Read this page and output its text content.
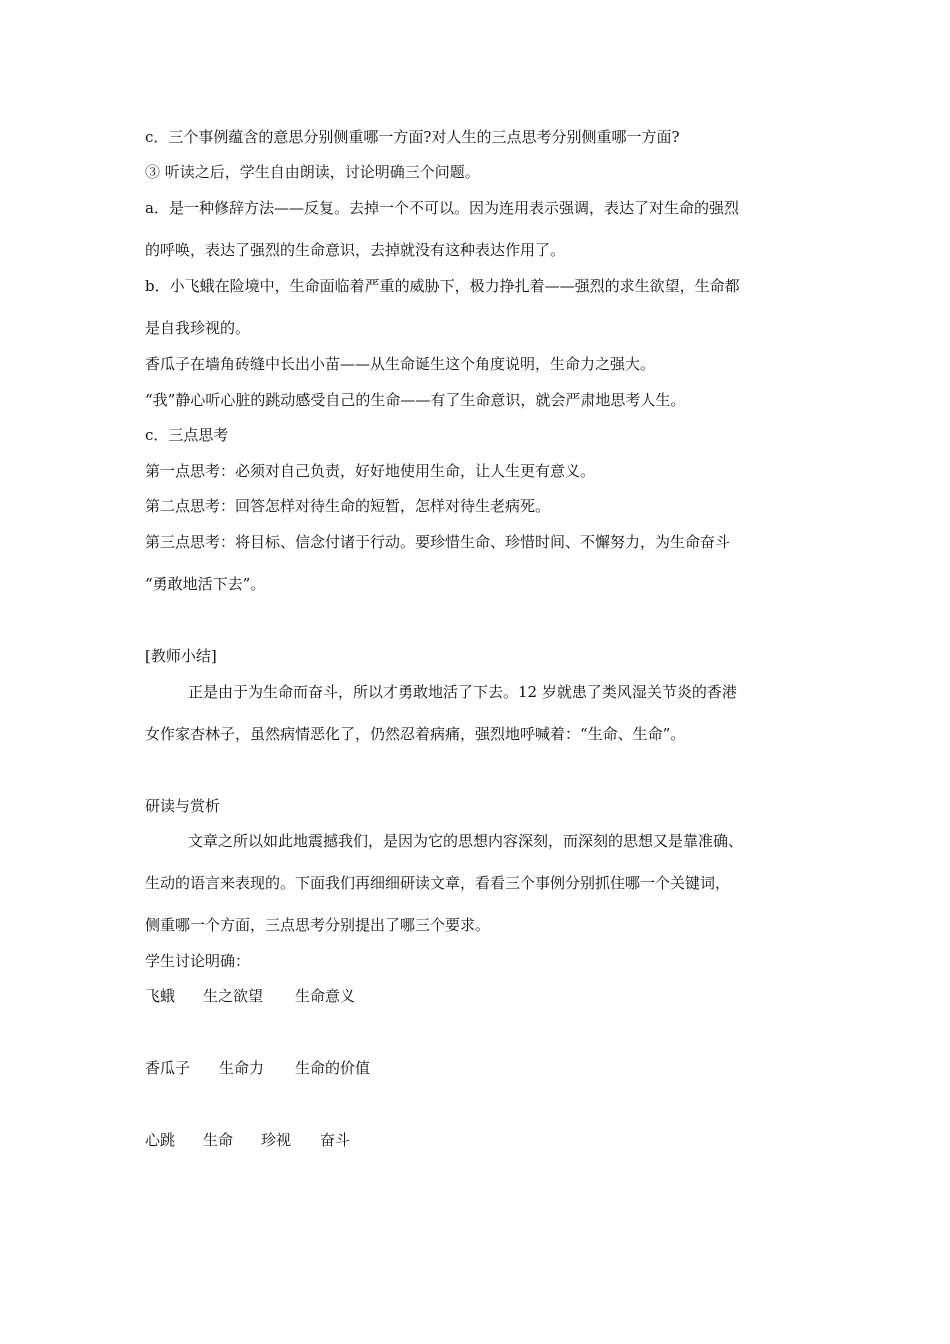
c．三个事例蕴含的意思分别侧重哪一方面?对人生的三点思考分别侧重哪一方面?
③ 听读之后，学生自由朗读，讨论明确三个问题。
a．是一种修辞方法——反复。去掉一个不可以。因为连用表示强调，表达了对生命的强烈
的呼唤，表达了强烈的生命意识，去掉就没有这种表达作用了。
b．小飞蛾在险境中，生命面临着严重的威胁下，极力挣扎着——强烈的求生欲望，生命都
是自我珍视的。
香瓜子在墙角砖缝中长出小苗——从生命诞生这个角度说明，生命力之强大。
“我”静心听心脏的跳动感受自己的生命——有了生命意识，就会严肃地思考人生。
c．三点思考
第一点思考：必须对自己负责，好好地使用生命，让人生更有意义。
第二点思考：回答怎样对待生命的短暂，怎样对待生老病死。
第三点思考：将目标、信念付诸于行动。要珍惜生命、珍惜时间、不懈努力，为生命奋斗
“勇敢地活下去”。
[教师小结]
正是由于为生命而奋斗，所以才勇敢地活了下去。12 岁就患了类风湿关节炎的香港
女作家杏林子，虽然病情恶化了，仍然忍着病痛，强烈地呼喊着：“生命、生命”。
研读与赏析
文章之所以如此地震撼我们，是因为它的思想内容深刻，而深刻的思想又是靠准确、
生动的语言来表现的。下面我们再细细研读文章，看看三个事例分别抓住哪一个关键词，
侧重哪一个方面，三点思考分别提出了哪三个要求。
学生讨论明确：
飞蛾 生之欲望 生命意义
香瓜子 生命力 生命的价值
心跳 生命 珍视 奋斗
